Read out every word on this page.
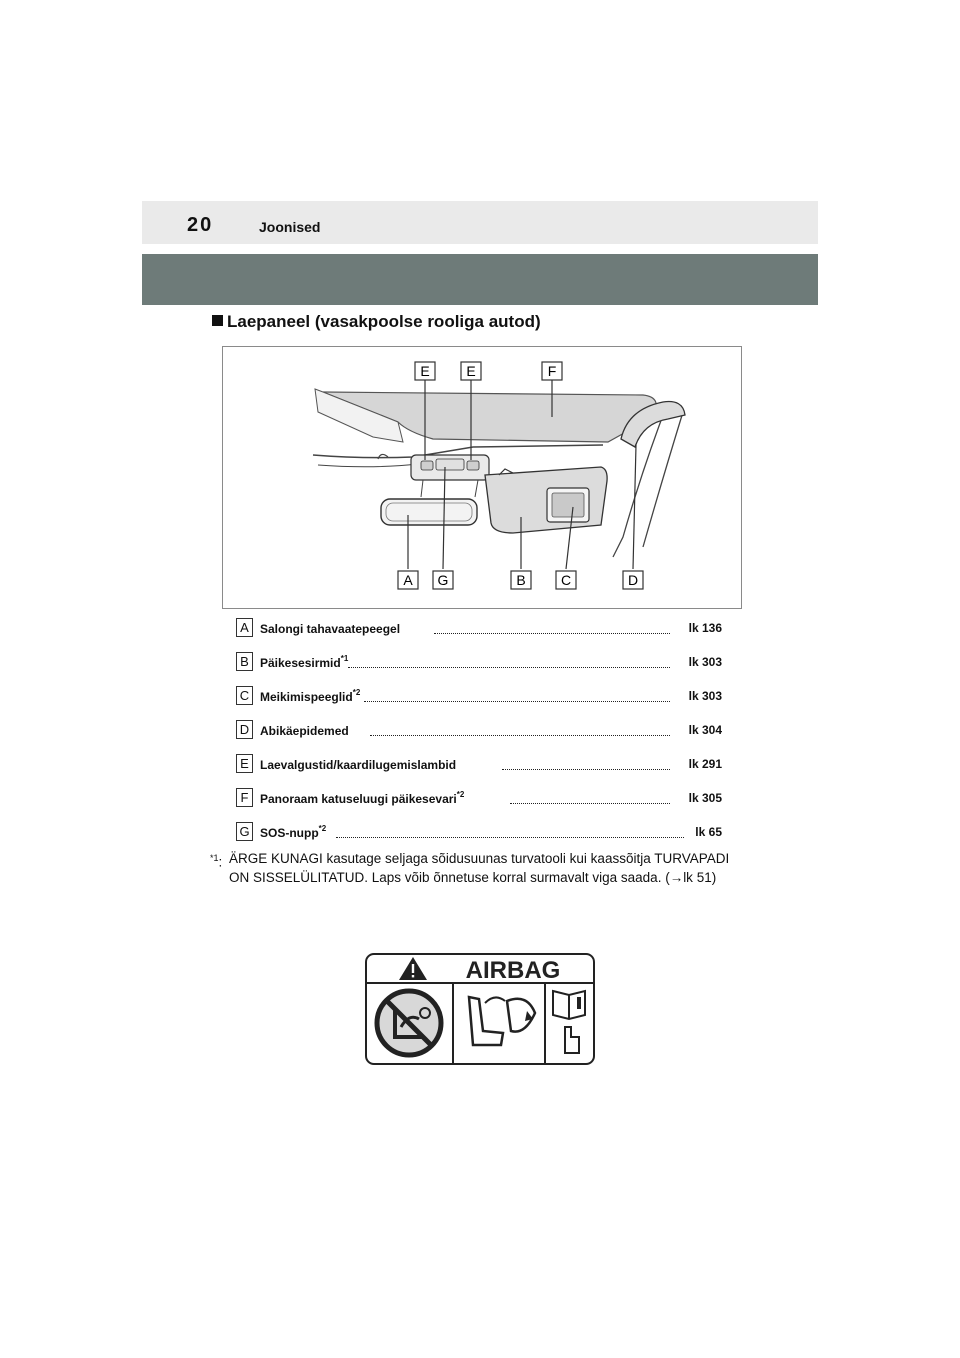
20	Joonised
Laepaneel (vasakpoolse rooliga autod)
E	E	F
A G	B	C	D
A Salongi tahavaatepeegel	lk 136
B Päikesesirmid$^{*1}$	lk 303
C Meikimispeeglid$^{*2}$	lk 303
D Abikäepidemed	lk 304
E Laevalgustid/kaardilugemislambid	lk 291
F Panoraam katuseluugi päikesevari$^{*2}$	lk 305
G SOS-nupp$^{*2}$	lk 65
$^{*1}$: ÄRGE KUNAGI kasutage seljaga sõidusuunas turvatooli kui kaassõitja TURVAPADI ON SISSELÜLITATUD. Laps võib õnnetuse korral surmavalt viga saada. (→lk 51)
AIRBAG
